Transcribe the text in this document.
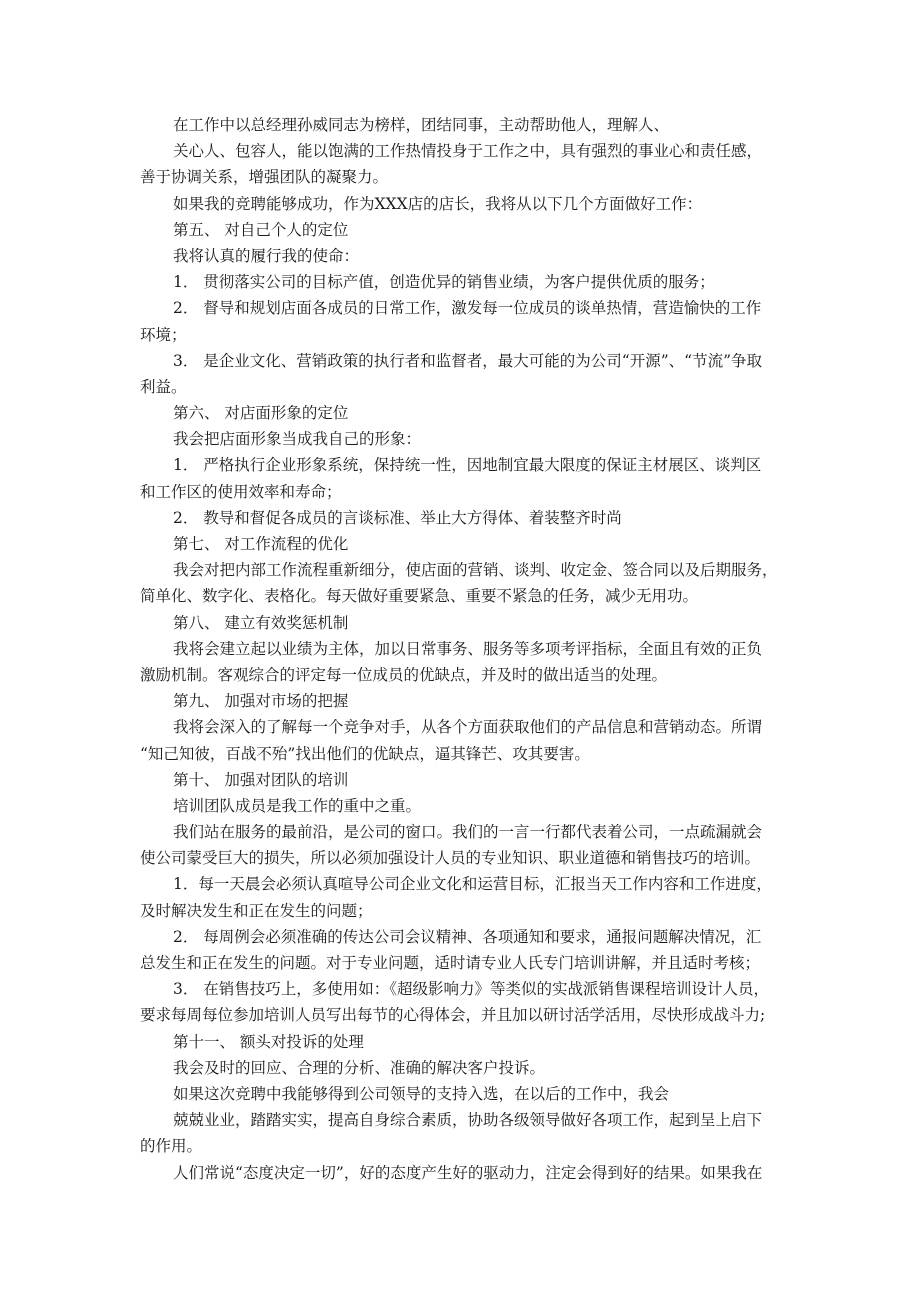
在工作中以总经理孙威同志为榜样，团结同事，主动帮助他人，理解人、
关心人、包容人，能以饱满的工作热情投身于工作之中，具有强烈的事业心和责任感，
善于协调关系，增强团队的凝聚力。
如果我的竞聘能够成功，作为XXX店的店长，我将从以下几个方面做好工作：
第五、 对自己个人的定位
我将认真的履行我的使命：
1． 贯彻落实公司的目标产值，创造优异的销售业绩，为客户提供优质的服务；
2． 督导和规划店面各成员的日常工作，激发每一位成员的谈单热情，营造愉快的工作
环境；
3． 是企业文化、营销政策的执行者和监督者，最大可能的为公司“开源”、“节流”争取
利益。
第六、 对店面形象的定位
我会把店面形象当成我自己的形象：
1． 严格执行企业形象系统，保持统一性，因地制宜最大限度的保证主材展区、谈判区
和工作区的使用效率和寿命；
2． 教导和督促各成员的言谈标准、举止大方得体、着装整齐时尚
第七、 对工作流程的优化
我会对把内部工作流程重新细分，使店面的营销、谈判、收定金、签合同以及后期服务，
简单化、数字化、表格化。每天做好重要紧急、重要不紧急的任务，减少无用功。
第八、 建立有效奖惩机制
我将会建立起以业绩为主体，加以日常事务、服务等多项考评指标，全面且有效的正负
激励机制。客观综合的评定每一位成员的优缺点，并及时的做出适当的处理。
第九、 加强对市场的把握
我将会深入的了解每一个竞争对手，从各个方面获取他们的产品信息和营销动态。所谓
“知己知彼，百战不殆”找出他们的优缺点，逼其锋芒、攻其要害。
第十、 加强对团队的培训
培训团队成员是我工作的重中之重。
我们站在服务的最前沿，是公司的窗口。我们的一言一行都代表着公司，一点疏漏就会
使公司蒙受巨大的损失，所以必须加强设计人员的专业知识、职业道德和销售技巧的培训。
1．每一天晨会必须认真喧导公司企业文化和运营目标，汇报当天工作内容和工作进度，
及时解决发生和正在发生的问题；
2． 每周例会必须准确的传达公司会议精神、各项通知和要求，通报问题解决情况，汇
总发生和正在发生的问题。对于专业问题，适时请专业人氏专门培训讲解，并且适时考核；
3． 在销售技巧上，多使用如：《超级影响力》等类似的实战派销售课程培训设计人员，
要求每周每位参加培训人员写出每节的心得体会，并且加以研讨活学活用，尽快形成战斗力;
第十一、 额头对投诉的处理
我会及时的回应、合理的分析、准确的解决客户投诉。
如果这次竞聘中我能够得到公司领导的支持入选，在以后的工作中，我会
兢兢业业，踏踏实实，提高自身综合素质，协助各级领导做好各项工作，起到呈上启下
的作用。
人们常说“态度决定一切”，好的态度产生好的驱动力，注定会得到好的结果。如果我在
